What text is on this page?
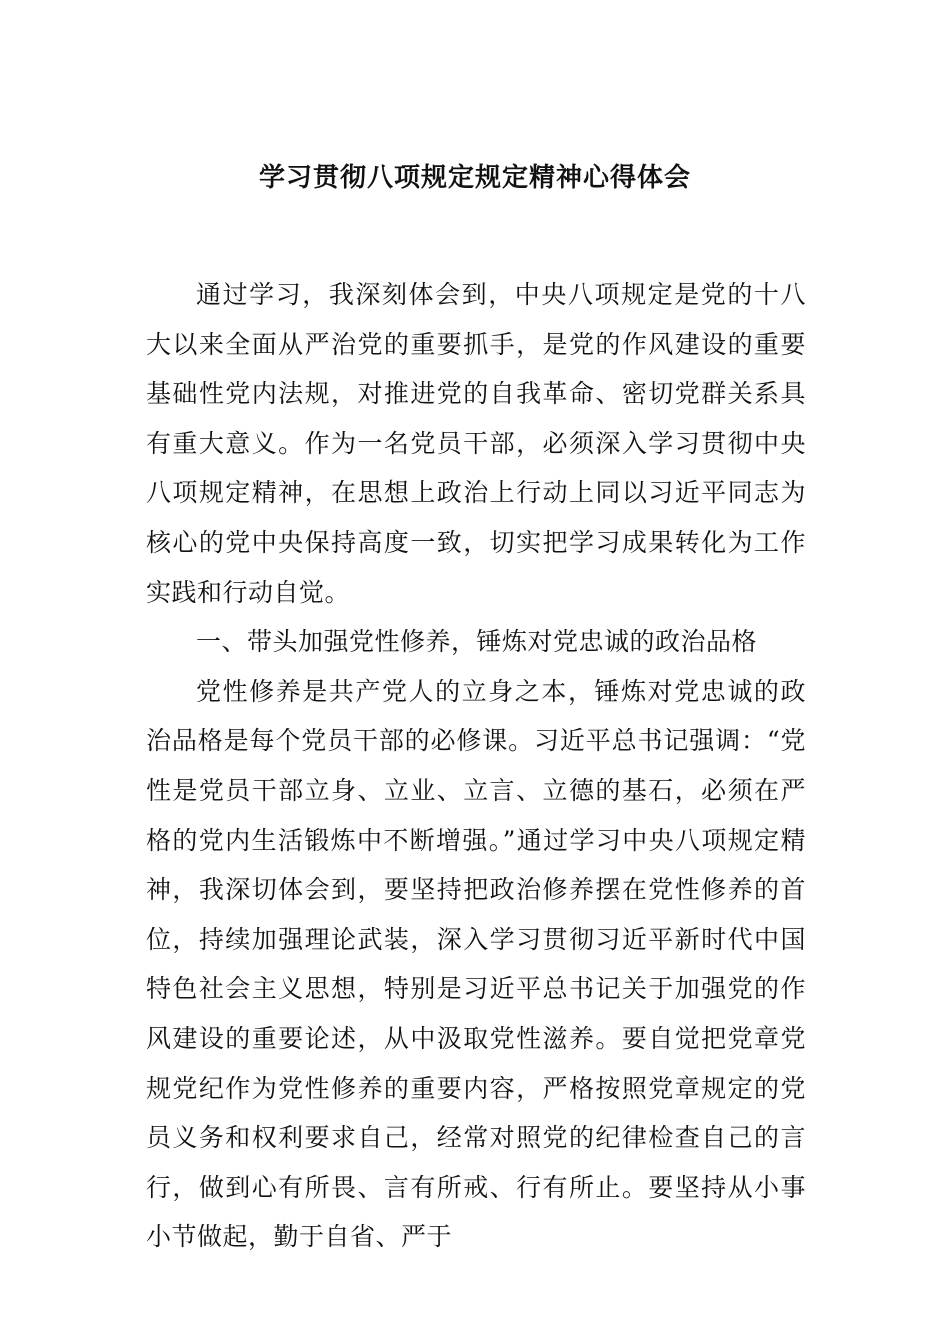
学习贯彻八项规定规定精神心得体会

通过学习，我深刻体会到，中央八项规定是党的十八大以来全面从严治党的重要抓手，是党的作风建设的重要基础性党内法规，对推进党的自我革命、密切党群关系具有重大意义。作为一名党员干部，必须深入学习贯彻中央八项规定精神，在思想上政治上行动上同以习近平同志为核心的党中央保持高度一致，切实把学习成果转化为工作实践和行动自觉。

一、带头加强党性修养，锤炼对党忠诚的政治品格

党性修养是共产党人的立身之本，锤炼对党忠诚的政治品格是每个党员干部的必修课。习近平总书记强调：“党性是党员干部立身、立业、立言、立德的基石，必须在严格的党内生活锻炼中不断增强。”通过学习中央八项规定精神，我深切体会到，要坚持把政治修养摆在党性修养的首位，持续加强理论武装，深入学习贯彻习近平新时代中国特色社会主义思想，特别是习近平总书记关于加强党的作风建设的重要论述，从中汲取党性滋养。要自觉把党章党规党纪作为党性修养的重要内容，严格按照党章规定的党员义务和权利要求自己，经常对照党的纪律检查自己的言行，做到心有所畏、言有所戒、行有所止。要坚持从小事小节做起，勤于自省、严于
